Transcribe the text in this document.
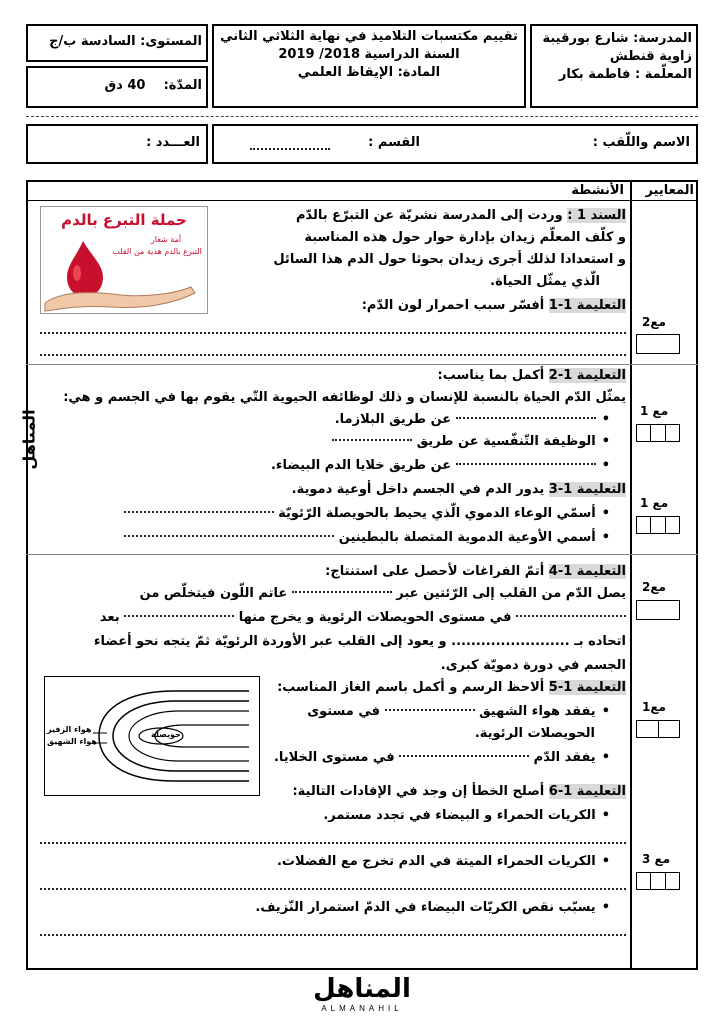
المدرسة: شارع بورقيبة
زاوية قنطش
المعلّمة : فاطمة بكار
تقييم مكتسبات التلاميذ في نهاية الثلاثي الثاني
السنة الدراسية 2018/ 2019
المادة: الإيقاظ العلمي
المستوى: السادسة ب/ج
المدّة:    40 دق
الاسم واللّقب :
القسم :
العـــدد :
الأنشطة	المعايير
حملة التبرع بالدم
أمة شعار
التبرع بالدم هدية من القلب
السند 1 : وردت إلى المدرسة نشريّة عن التبرّع بالدّم
و كلّف المعلّم زيدان بإدارة حوار حول هذه المناسبة
و استعدادا لذلك أجرى زيدان بحوثا حول الدم هذا السائل
الّذي يمثّل الحياة.
التعليمة 1-1 أفسّر سبب احمرار لون الدّم:
مع2
التعليمة 1-2 أكمل بما يناسب:
يمثّل الدّم الحياة بالنسبة للإنسان و ذلك لوظائفه الحيوية التّي يقوم بها في الجسم و هي:
•  عن طريق البلازما.
• الوظيفة التّنفّسية عن طريق
•  عن طريق خلايا الدم البيضاء.
مع 1
التعليمة 1-3 يدور الدم في الجسم داخل أوعية دموية.
• أسمّي الوعاء الدموي الّذي يحيط بالحويصلة الرّئويّة
• أسمي الأوعية الدموية المتصلة بالبطينين
مع 1
التعليمة 1-4 أتمّ الفراغات لأحصل على استنتاج:
يصل الدّم من القلب إلى الرّئتين عبر  عاتم اللّون فيتخلّص من
في مستوى الحويصلات الرئوية و يخرج منها  بعد
اتحاده بـ ........................ و يعود إلى القلب عبر الأوردة الرئويّة ثمّ يتجه نحو أعضاء
الجسم في دورة دمويّة كبرى.
مع2
التعليمة 1-5 ألاحظ الرسم و أكمل باسم الغاز المناسب:
هواء الزفير
هواء الشهيق
حويصلة
• يفقد هواء الشهيق  في مستوى
الحويصلات الرئوية.
• يفقد الدّم  في مستوى الخلايا.
مع1
التعليمة 1-6 أصلح الخطأ إن وجد في الإفادات التالية:
• الكريات الحمراء و البيضاء في تجدد مستمر.
• الكريات الحمراء الميتة في الدم تخرج مع الفضلات.
• يسبّب نقص الكريّات البيضاء في الدمّ استمرار النّزيف.
مع 3
المناهل
المناهل
ALMANAHIL
